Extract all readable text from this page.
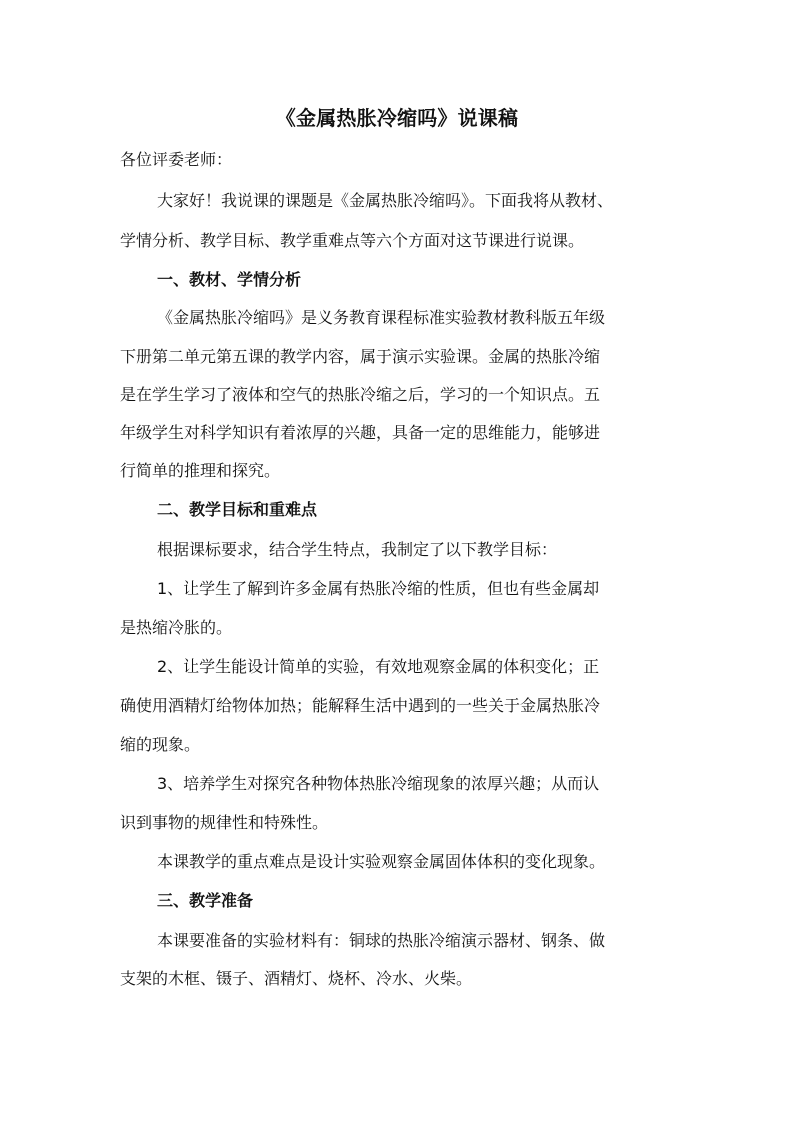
《金属热胀冷缩吗》说课稿
各位评委老师：
大家好！我说课的课题是《金属热胀冷缩吗》。下面我将从教材、
学情分析、教学目标、教学重难点等六个方面对这节课进行说课。
一、教材、学情分析
《金属热胀冷缩吗》是义务教育课程标准实验教材教科版五年级
下册第二单元第五课的教学内容，属于演示实验课。金属的热胀冷缩
是在学生学习了液体和空气的热胀冷缩之后，学习的一个知识点。五
年级学生对科学知识有着浓厚的兴趣，具备一定的思维能力，能够进
行简单的推理和探究。
二、教学目标和重难点
根据课标要求，结合学生特点，我制定了以下教学目标：
1、让学生了解到许多金属有热胀冷缩的性质，但也有些金属却
是热缩冷胀的。
2、让学生能设计简单的实验，有效地观察金属的体积变化；正
确使用酒精灯给物体加热；能解释生活中遇到的一些关于金属热胀冷
缩的现象。
3、培养学生对探究各种物体热胀冷缩现象的浓厚兴趣；从而认
识到事物的规律性和特殊性。
本课教学的重点难点是设计实验观察金属固体体积的变化现象。
三、教学准备
本课要准备的实验材料有：铜球的热胀冷缩演示器材、钢条、做
支架的木框、镊子、酒精灯、烧杯、冷水、火柴。
